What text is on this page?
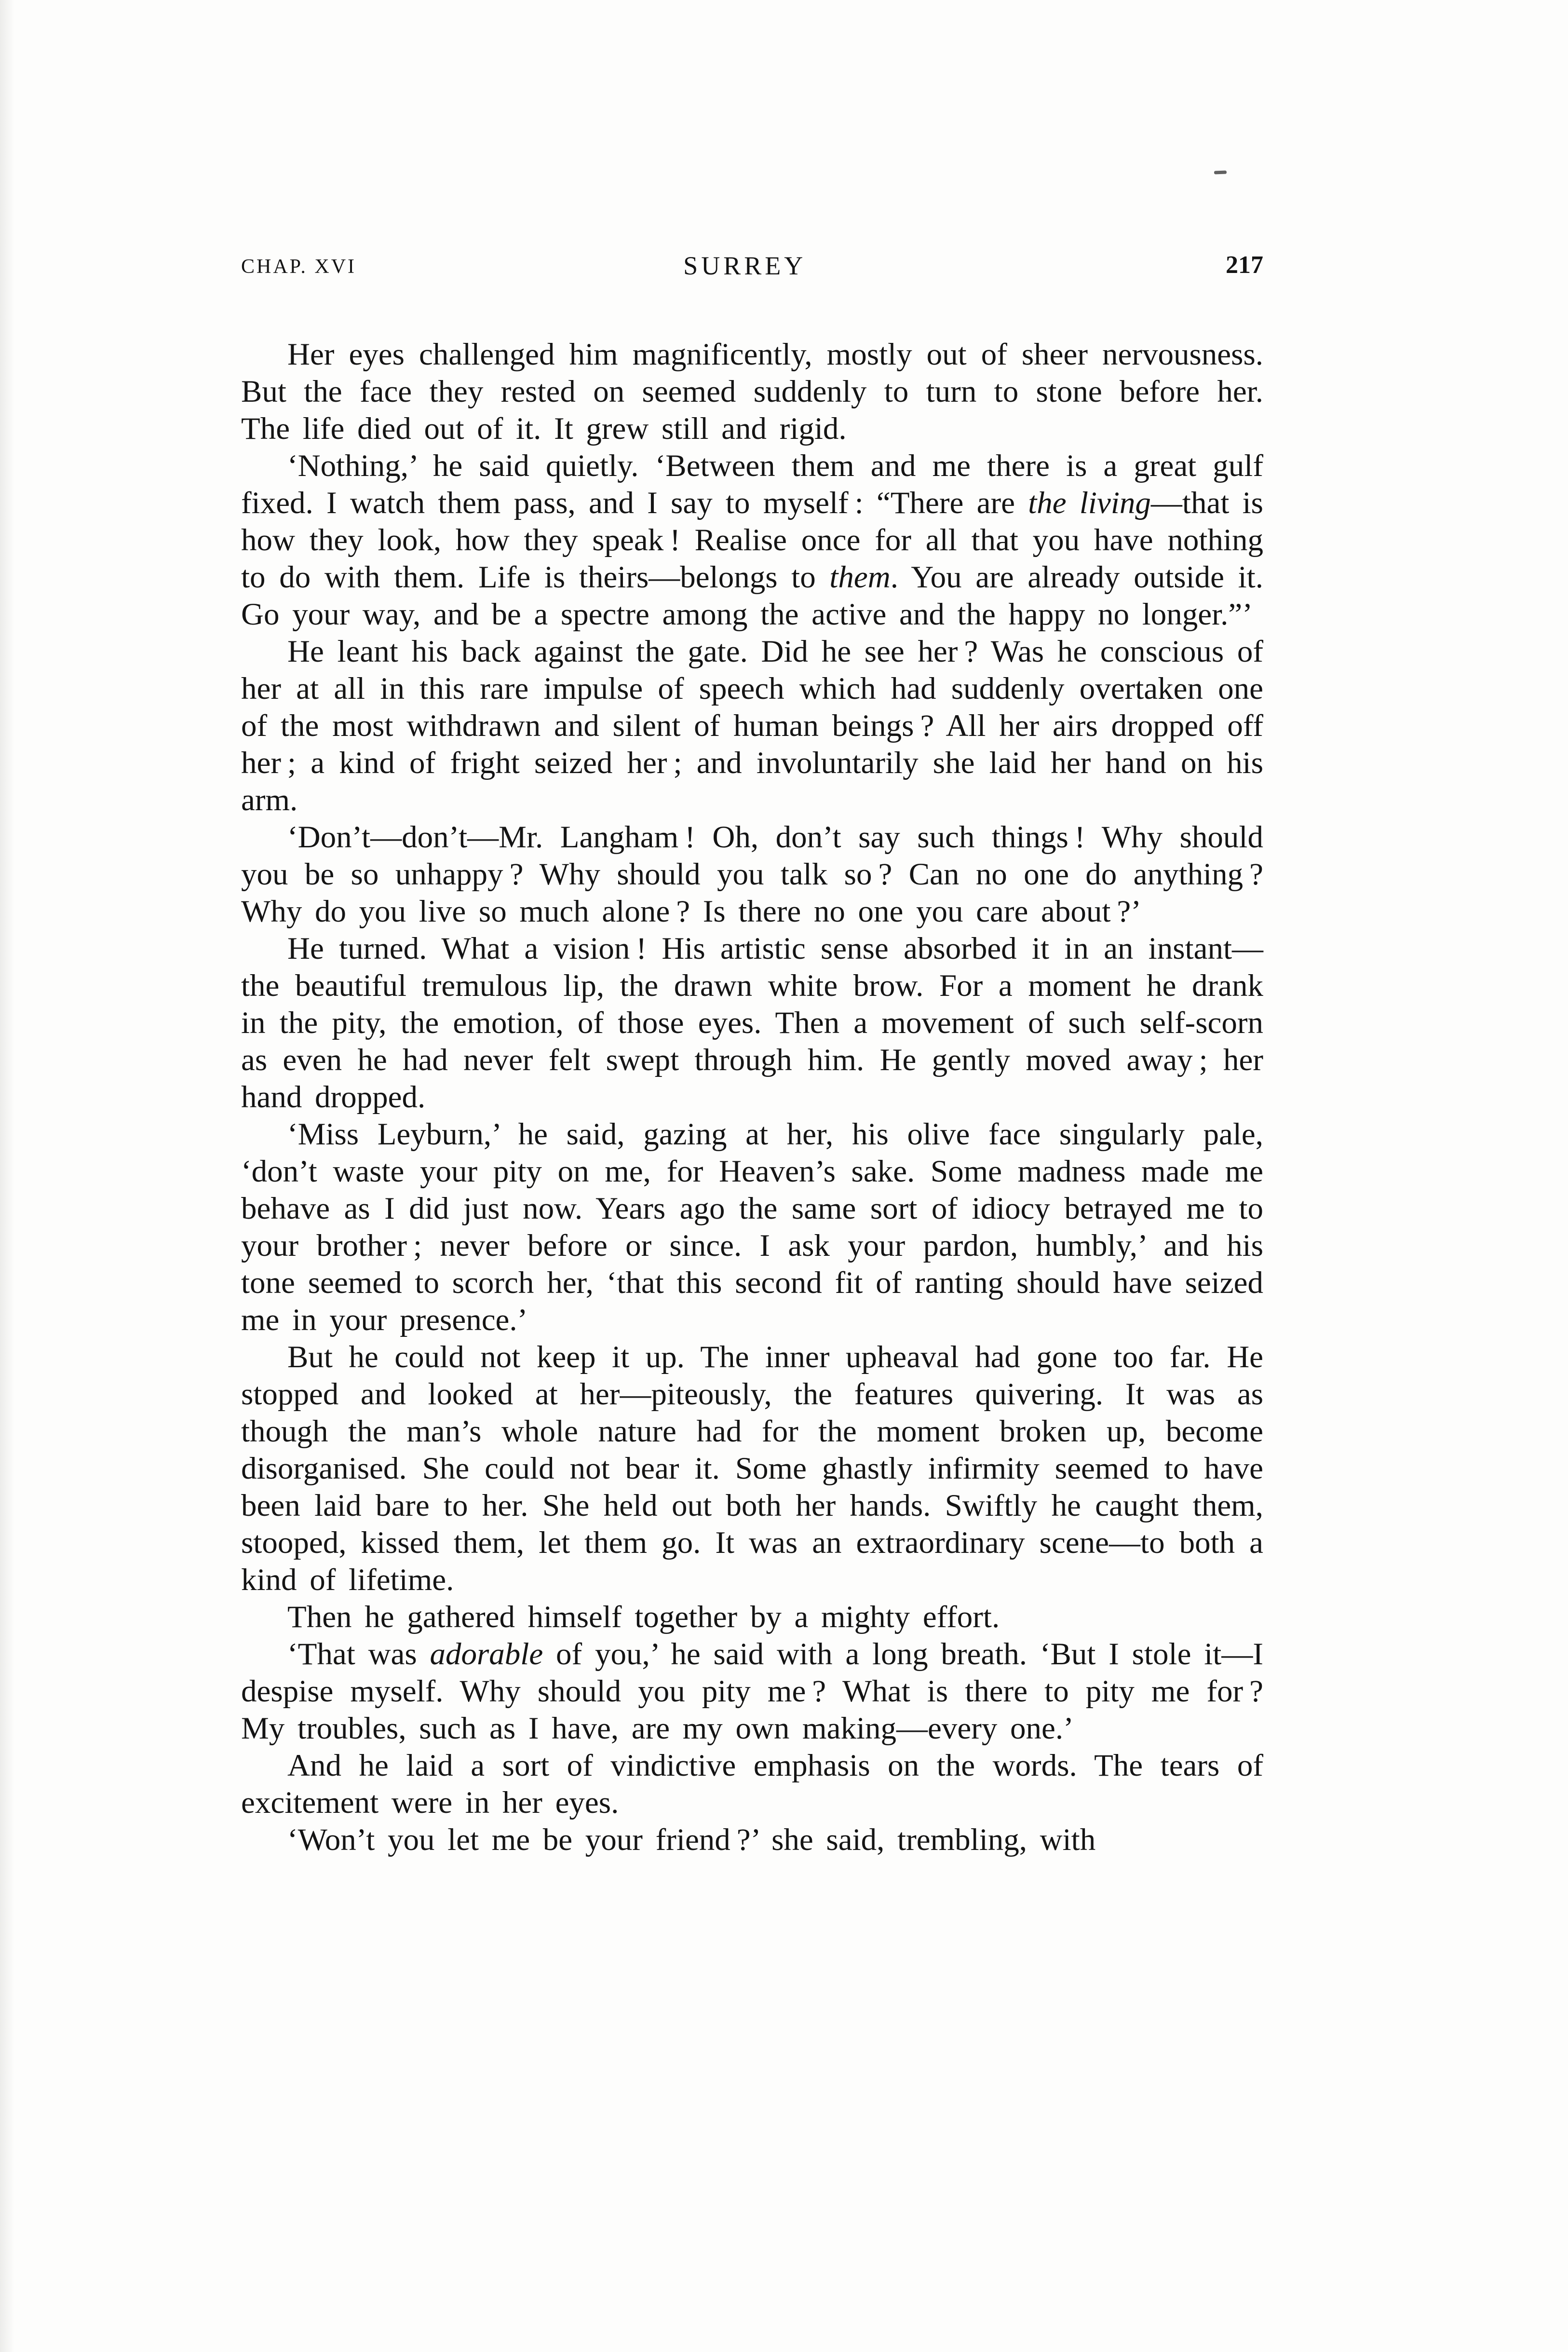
CHAP. XVI	SURREY	217

Her eyes challenged him magnificently, mostly out of sheer nervousness. But the face they rested on seemed suddenly to turn to stone before her. The life died out of it. It grew still and rigid.

‘Nothing,’ he said quietly. ‘Between them and me there is a great gulf fixed. I watch them pass, and I say to myself : “There are the living—that is how they look, how they speak ! Realise once for all that you have nothing to do with them. Life is theirs—belongs to them. You are already outside it. Go your way, and be a spectre among the active and the happy no longer.”’

He leant his back against the gate. Did he see her ? Was he conscious of her at all in this rare impulse of speech which had suddenly overtaken one of the most withdrawn and silent of human beings ? All her airs dropped off her ; a kind of fright seized her ; and involuntarily she laid her hand on his arm.

‘Don’t—don’t—Mr. Langham ! Oh, don’t say such things ! Why should you be so unhappy ? Why should you talk so ? Can no one do anything ? Why do you live so much alone ? Is there no one you care about ?’

He turned. What a vision ! His artistic sense absorbed it in an instant—the beautiful tremulous lip, the drawn white brow. For a moment he drank in the pity, the emotion, of those eyes. Then a movement of such self-scorn as even he had never felt swept through him. He gently moved away ; her hand dropped.

‘Miss Leyburn,’ he said, gazing at her, his olive face singularly pale, ‘don’t waste your pity on me, for Heaven’s sake. Some madness made me behave as I did just now. Years ago the same sort of idiocy betrayed me to your brother ; never before or since. I ask your pardon, humbly,’ and his tone seemed to scorch her, ‘that this second fit of ranting should have seized me in your presence.’

But he could not keep it up. The inner upheaval had gone too far. He stopped and looked at her—piteously, the features quivering. It was as though the man’s whole nature had for the moment broken up, become disorganised. She could not bear it. Some ghastly infirmity seemed to have been laid bare to her. She held out both her hands. Swiftly he caught them, stooped, kissed them, let them go. It was an extraordinary scene—to both a kind of lifetime.

Then he gathered himself together by a mighty effort.

‘That was adorable of you,’ he said with a long breath. ‘But I stole it—I despise myself. Why should you pity me ? What is there to pity me for ? My troubles, such as I have, are my own making—every one.’

And he laid a sort of vindictive emphasis on the words. The tears of excitement were in her eyes.

‘Won’t you let me be your friend ?’ she said, trembling, with
